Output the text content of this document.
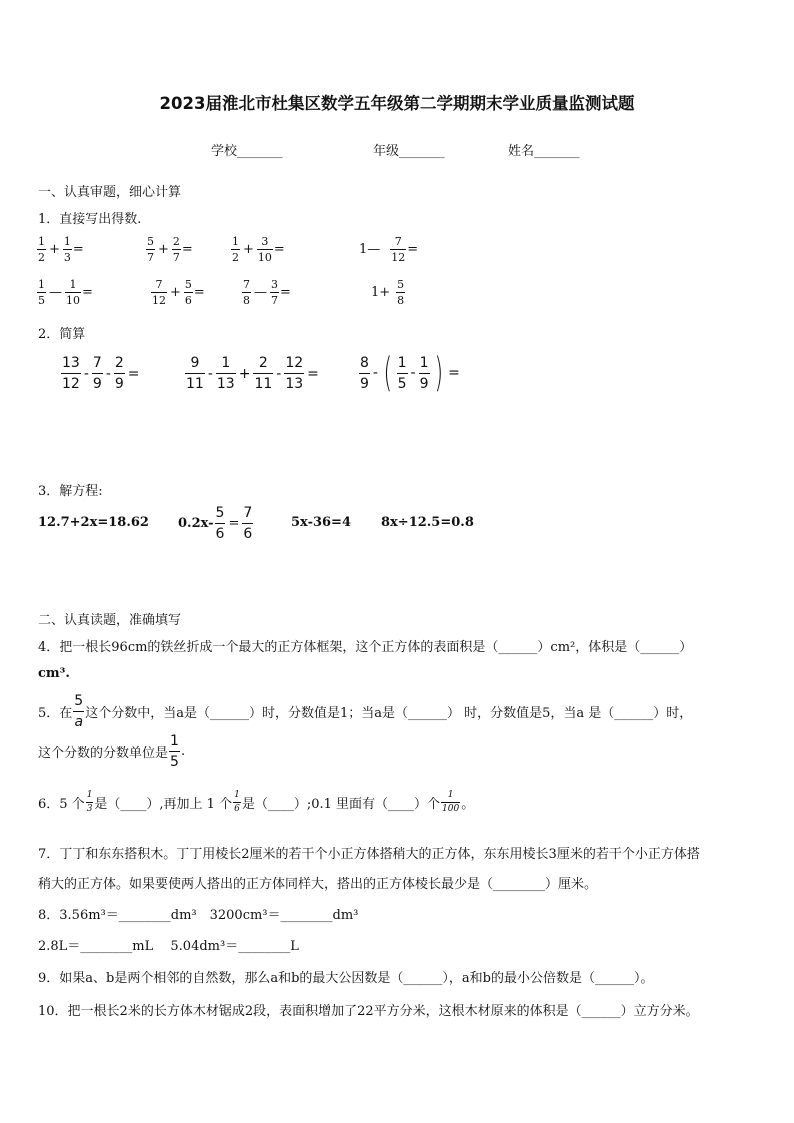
2023届淮北市杜集区数学五年级第二学期期末学业质量监测试题
学校_______	年级_______	姓名_______
一、认真审题，细心计算
1．直接写出得数.
$\frac{1}{2} + \frac{1}{3}$ =	$\frac{5}{7} + \frac{2}{7}$ =	$\frac{1}{2} + \frac{3}{10}$ =	1— $\frac{7}{12}$ =
$\frac{1}{5}$ — $\frac{1}{10}$ =	$\frac{7}{12} + \frac{5}{6}$ =	$\frac{7}{8}$ — $\frac{3}{7}$ =	$1+ \frac{5}{8}$
2．简算
$\frac{13}{12} - \frac{7}{9} - \frac{2}{9}$ =	$\frac{9}{11} - \frac{1}{13} + \frac{2}{11} - \frac{12}{13}$ =	$\frac{8}{9}$ - ( $\frac{1}{5} - \frac{1}{9}$ ) =
3．解方程:
12.7+2x=18.62 $0.2x- \frac{5}{6} = \frac{7}{6}$	5x-36=4 8x÷12.5=0.8
二、认真读题，准确填写
4．把一根长96cm的铁丝折成一个最大的正方体框架，这个正方体的表面积是（______）cm²，体积是（______）
cm³.
5．在 $\frac{5}{a}$ 这个分数中，当a是（______）时，分数值是1；当a是（______） 时，分数值是5，当a 是（______）时，
这个分数的分数单位是 $\frac{1}{5}$ .
6．5 个 $\frac{1}{3}$ 是（____）,再加上 1 个 $\frac{1}{6}$ 是（____）;0.1 里面有（____）个 $\frac{1}{100}$ 。
7．丁丁和东东搭积木。丁丁用棱长2厘米的若干个小正方体搭稍大的正方体，东东用棱长3厘米的若干个小正方体搭
稍大的正方体。如果要使两人搭出的正方体同样大，搭出的正方体棱长最少是（________）厘米。
8．3.56m³＝________dm³　3200cm³＝________dm³
2.8L＝________mL　 5.04dm³＝________L
9．如果a、b是两个相邻的自然数，那么a和b的最大公因数是（______），a和b的最小公倍数是（______）。
10．把一根长2米的长方体木材锯成2段，表面积增加了22平方分米，这根木材原来的体积是（______）立方分米。
